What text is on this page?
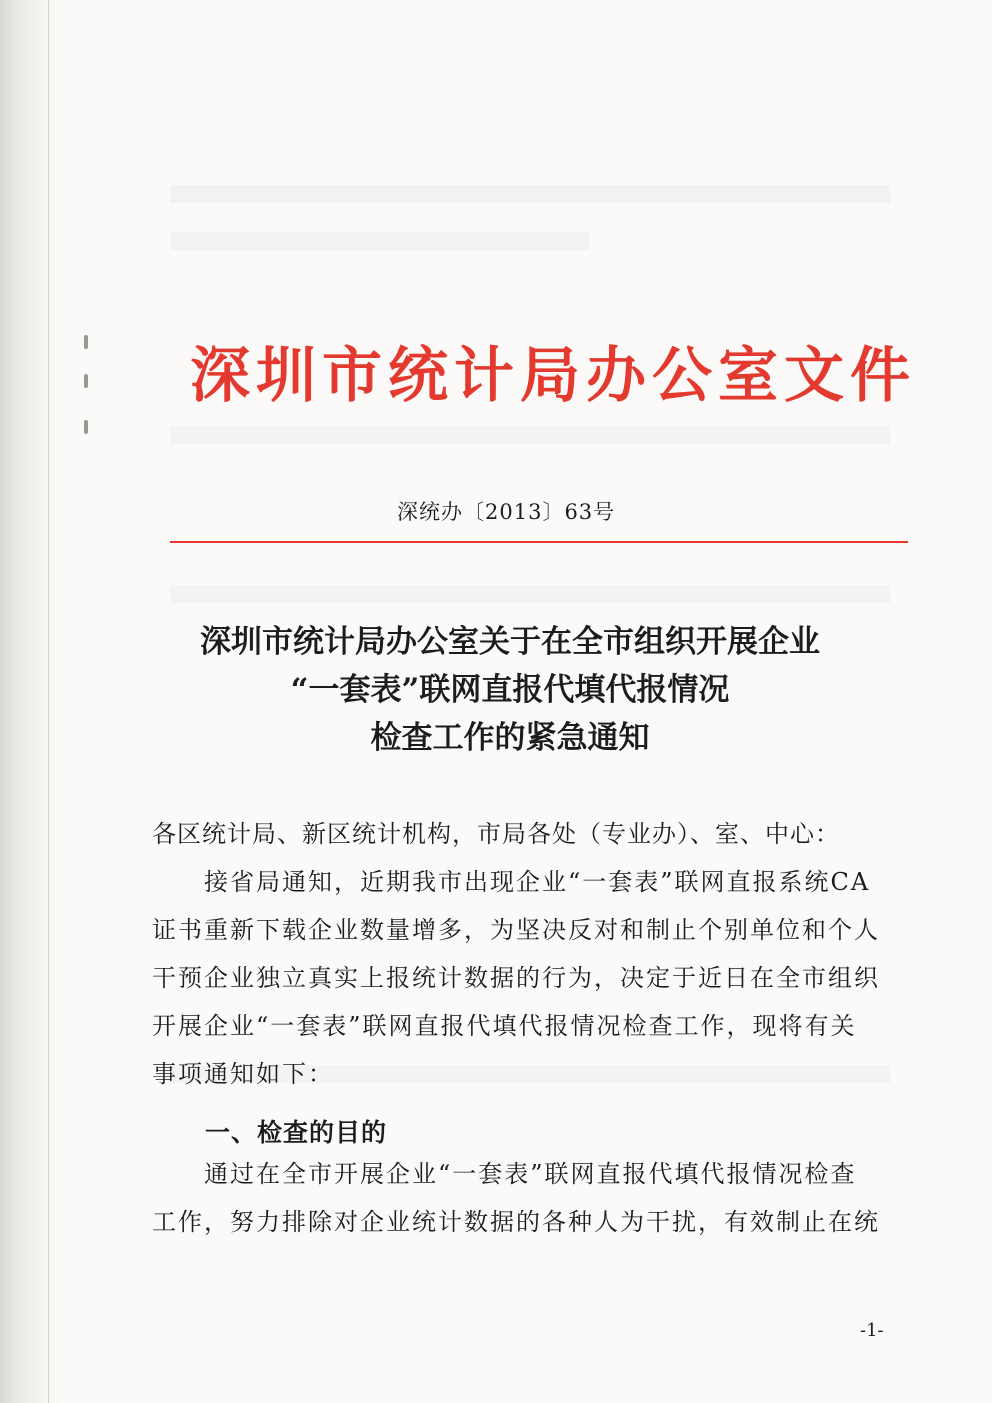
深圳市统计局办公室文件
深统办〔2013〕63号
深圳市统计局办公室关于在全市组织开展企业
“一套表”联网直报代填代报情况
检查工作的紧急通知
各区统计局、新区统计机构，市局各处（专业办）、室、中心：
接省局通知，近期我市出现企业“一套表”联网直报系统CA
证书重新下载企业数量增多，为坚决反对和制止个别单位和个人
干预企业独立真实上报统计数据的行为，决定于近日在全市组织
开展企业“一套表”联网直报代填代报情况检查工作，现将有关
事项通知如下：
一、检查的目的
通过在全市开展企业“一套表”联网直报代填代报情况检查
工作，努力排除对企业统计数据的各种人为干扰，有效制止在统
-1-
